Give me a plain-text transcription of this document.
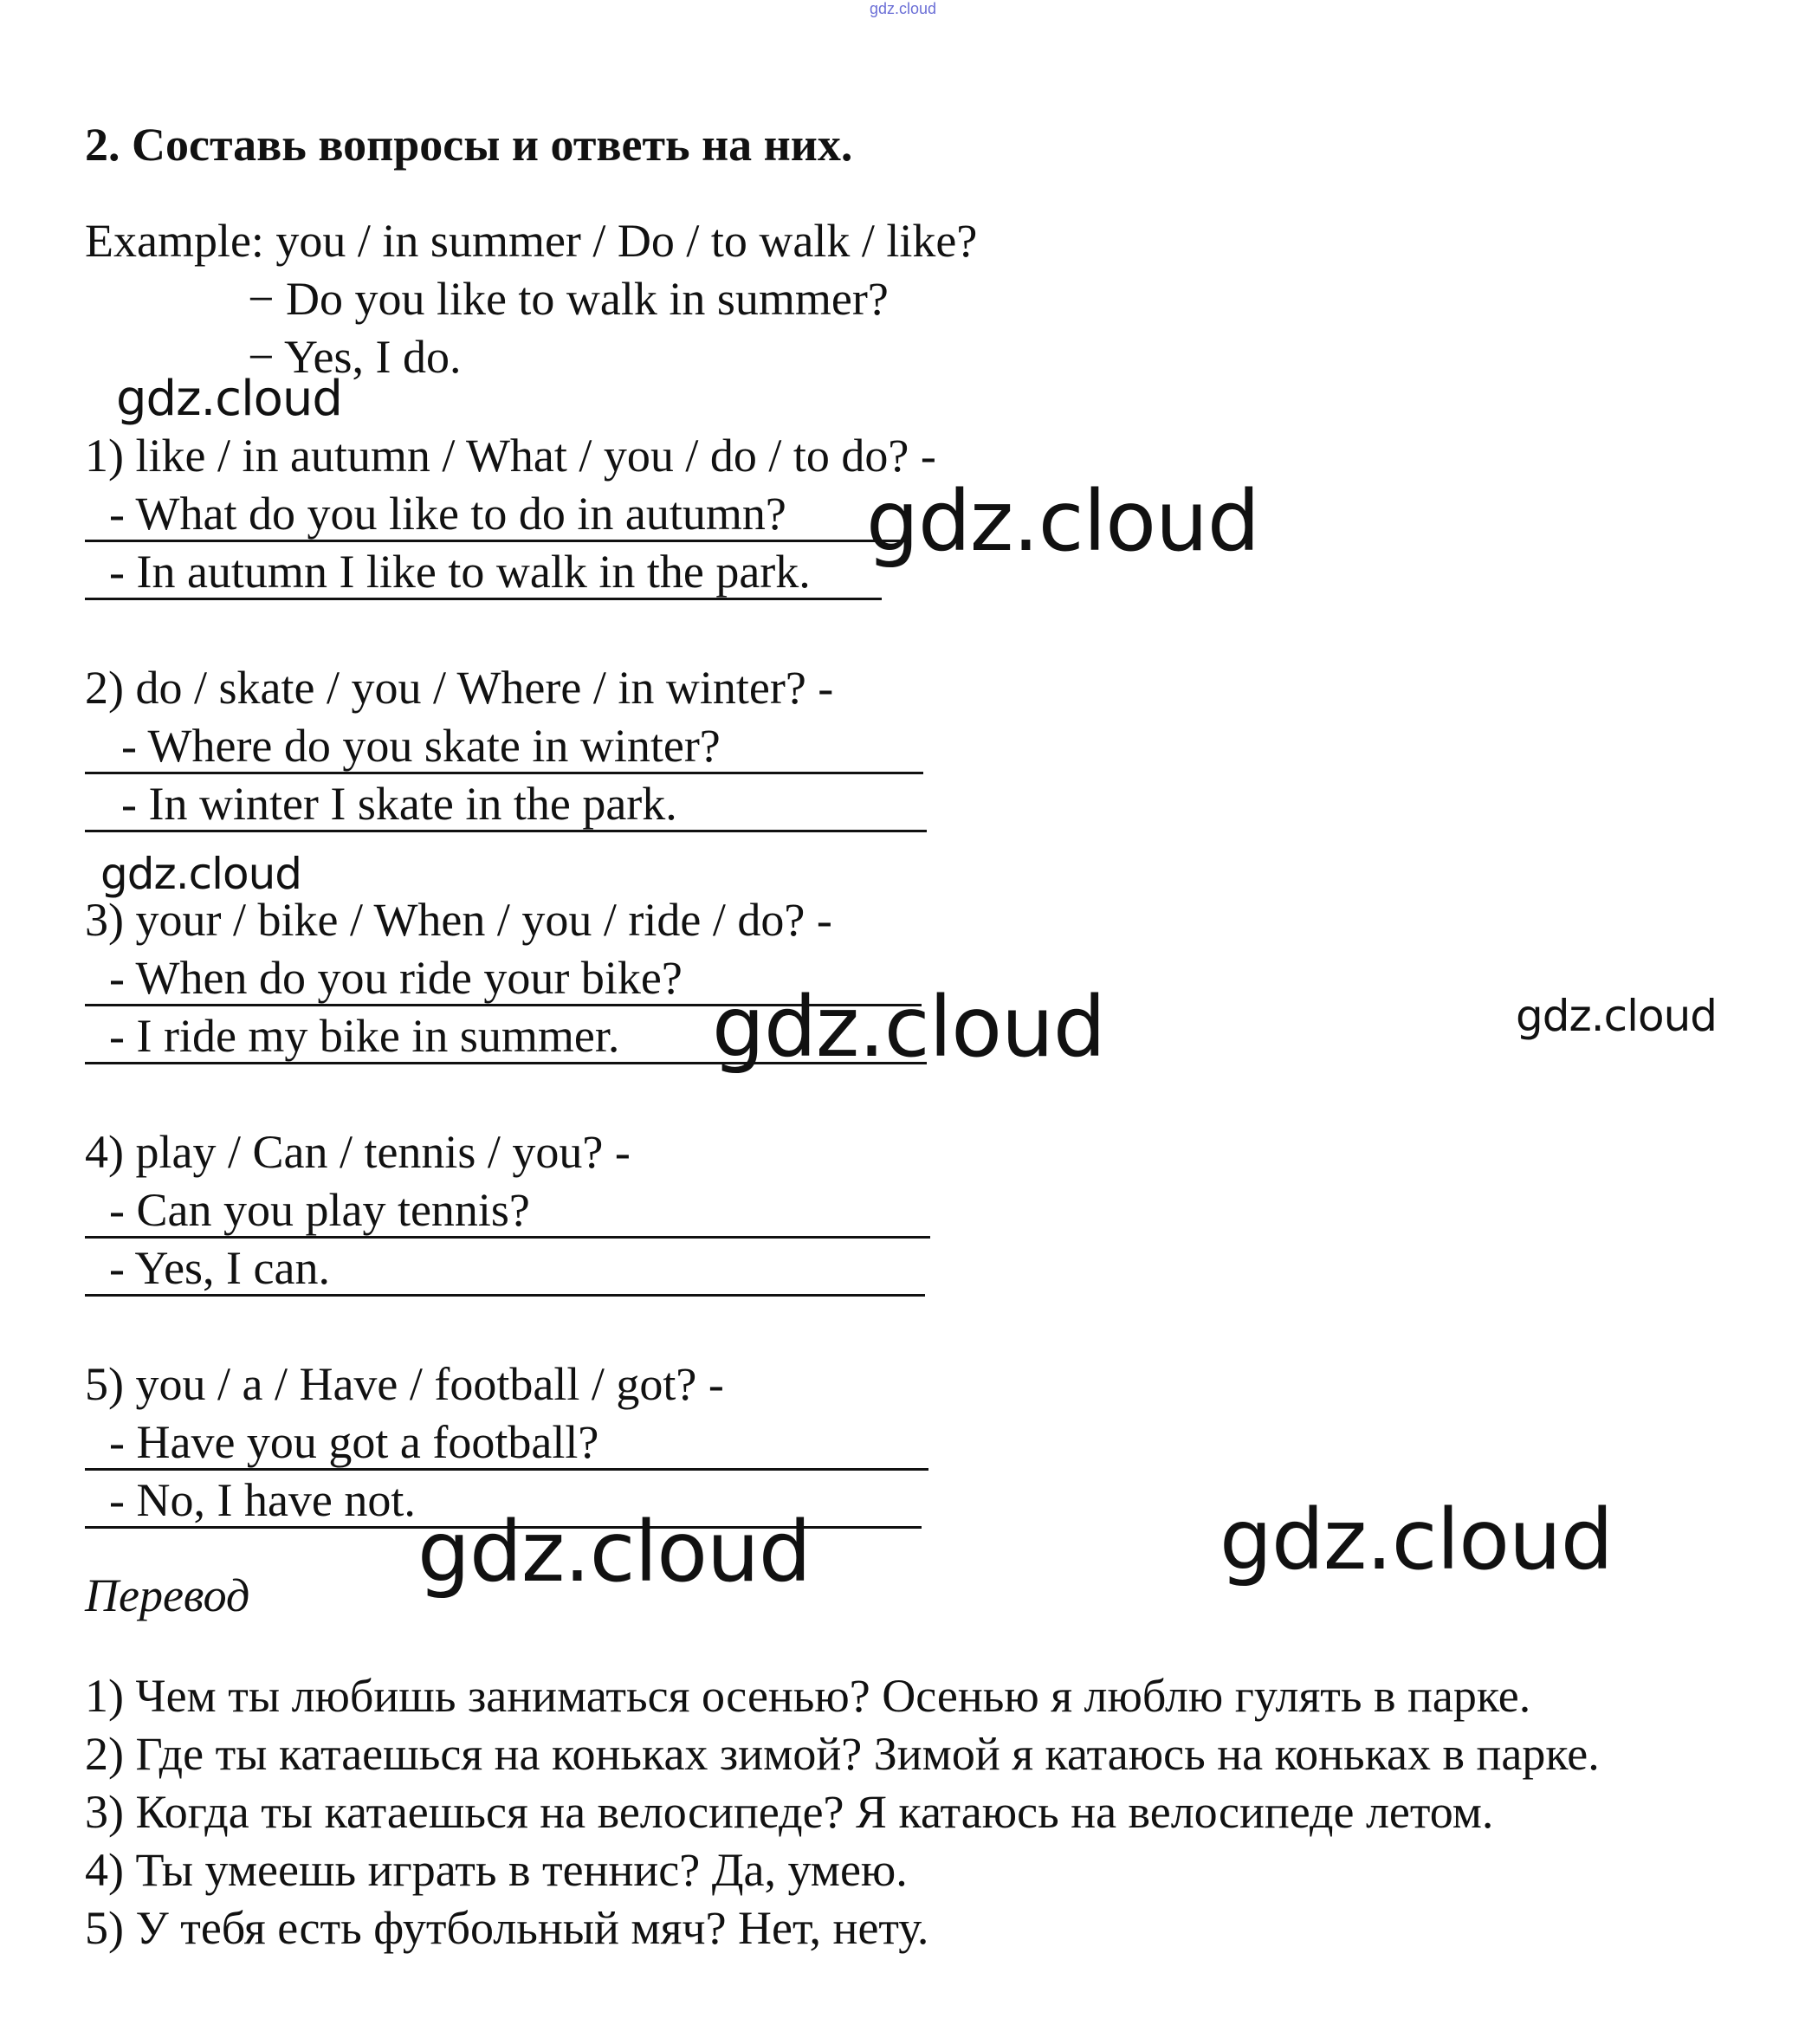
gdz.cloud
2. Составь вопросы и ответь на них.
Example: you / in summer / Do / to walk / like?
− Do you like to walk in summer?
− Yes, I do.
1) like / in autumn / What / you / do / to do? -
- What do you like to do in autumn?
- In autumn I like to walk in the park.
2) do / skate / you / Where / in winter? -
- Where do you skate in winter?
- In winter I skate in the park.
3) your / bike / When / you / ride / do? -
- When do you ride your bike?
- I ride my bike in summer.
4) play / Can / tennis / you? -
- Can you play tennis?
- Yes, I can.
5) you / a / Have / football / got? -
- Have you got a football?
- No, I have not.
Перевод
1) Чем ты любишь заниматься осенью? Осенью я люблю гулять в парке.
2) Где ты катаешься на коньках зимой? Зимой я катаюсь на коньках в парке.
3) Когда ты катаешься на велосипеде? Я катаюсь на велосипеде летом.
4) Ты умеешь играть в теннис? Да, умею.
5) У тебя есть футбольный мяч? Нет, нету.
gdz.cloud
gdz.cloud
gdz.cloud
gdz.cloud	gdz.cloud
gdz.cloud	gdz.cloud
